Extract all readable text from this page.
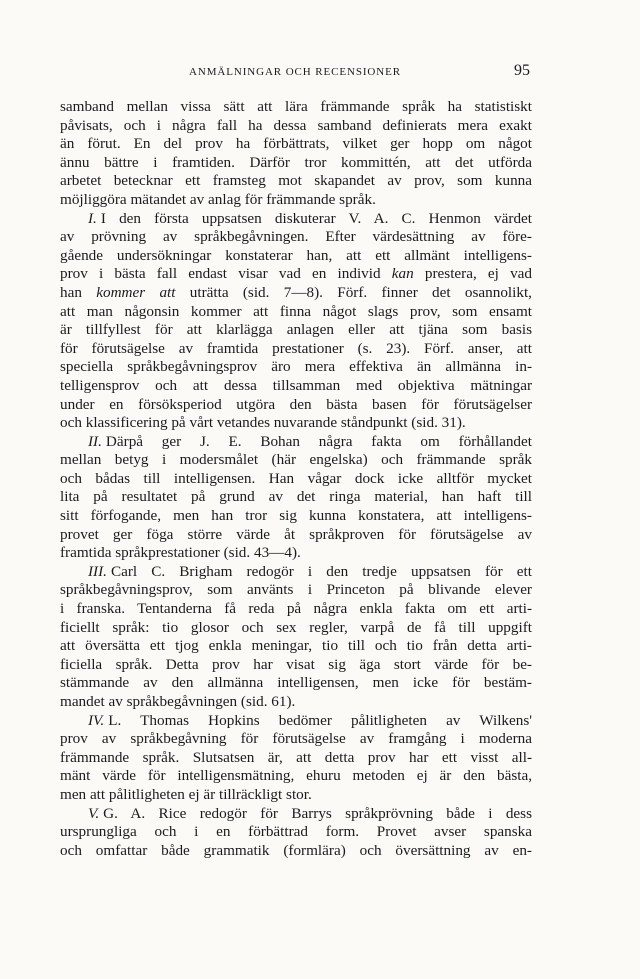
ANMÄLNINGAR OCH RECENSIONER	95
samband mellan vissa sätt att lära främmande språk ha statistiskt
påvisats, och i några fall ha dessa samband definierats mera exakt
än förut. En del prov ha förbättrats, vilket ger hopp om något
ännu bättre i framtiden. Därför tror kommittén, att det utförda
arbetet betecknar ett framsteg mot skapandet av prov, som kunna
möjliggöra mätandet av anlag för främmande språk.
I. I den första uppsatsen diskuterar V. A. C. Henmon värdet
av prövning av språkbegåvningen. Efter värdesättning av före-
gående undersökningar konstaterar han, att ett allmänt intelligens-
prov i bästa fall endast visar vad en individ kan prestera, ej vad
han kommer att uträtta (sid. 7—8). Förf. finner det osannolikt,
att man någonsin kommer att finna något slags prov, som ensamt
är tillfyllest för att klarlägga anlagen eller att tjäna som basis
för förutsägelse av framtida prestationer (s. 23). Förf. anser, att
speciella språkbegåvningsprov äro mera effektiva än allmänna in-
telligensprov och att dessa tillsamman med objektiva mätningar
under en försöksperiod utgöra den bästa basen för förutsägelser
och klassificering på vårt vetandes nuvarande ståndpunkt (sid. 31).
II. Därpå ger J. E. Bohan några fakta om förhållandet
mellan betyg i modersmålet (här engelska) och främmande språk
och bådas till intelligensen. Han vågar dock icke alltför mycket
lita på resultatet på grund av det ringa material, han haft till
sitt förfogande, men han tror sig kunna konstatera, att intelligens-
provet ger föga större värde åt språkproven för förutsägelse av
framtida språkprestationer (sid. 43—4).
III. Carl C. Brigham redogör i den tredje uppsatsen för ett
språkbegåvningsprov, som använts i Princeton på blivande elever
i franska. Tentanderna få reda på några enkla fakta om ett arti-
ficiellt språk: tio glosor och sex regler, varpå de få till uppgift
att översätta ett tjog enkla meningar, tio till och tio från detta arti-
ficiella språk. Detta prov har visat sig äga stort värde för be-
stämmande av den allmänna intelligensen, men icke för bestäm-
mandet av språkbegåvningen (sid. 61).
IV. L. Thomas Hopkins bedömer pålitligheten av Wilkens'
prov av språkbegåvning för förutsägelse av framgång i moderna
främmande språk. Slutsatsen är, att detta prov har ett visst all-
mänt värde för intelligensmätning, ehuru metoden ej är den bästa,
men att pålitligheten ej är tillräckligt stor.
V. G. A. Rice redogör för Barrys språkprövning både i dess
ursprungliga och i en förbättrad form. Provet avser spanska
och omfattar både grammatik (formlära) och översättning av en-
